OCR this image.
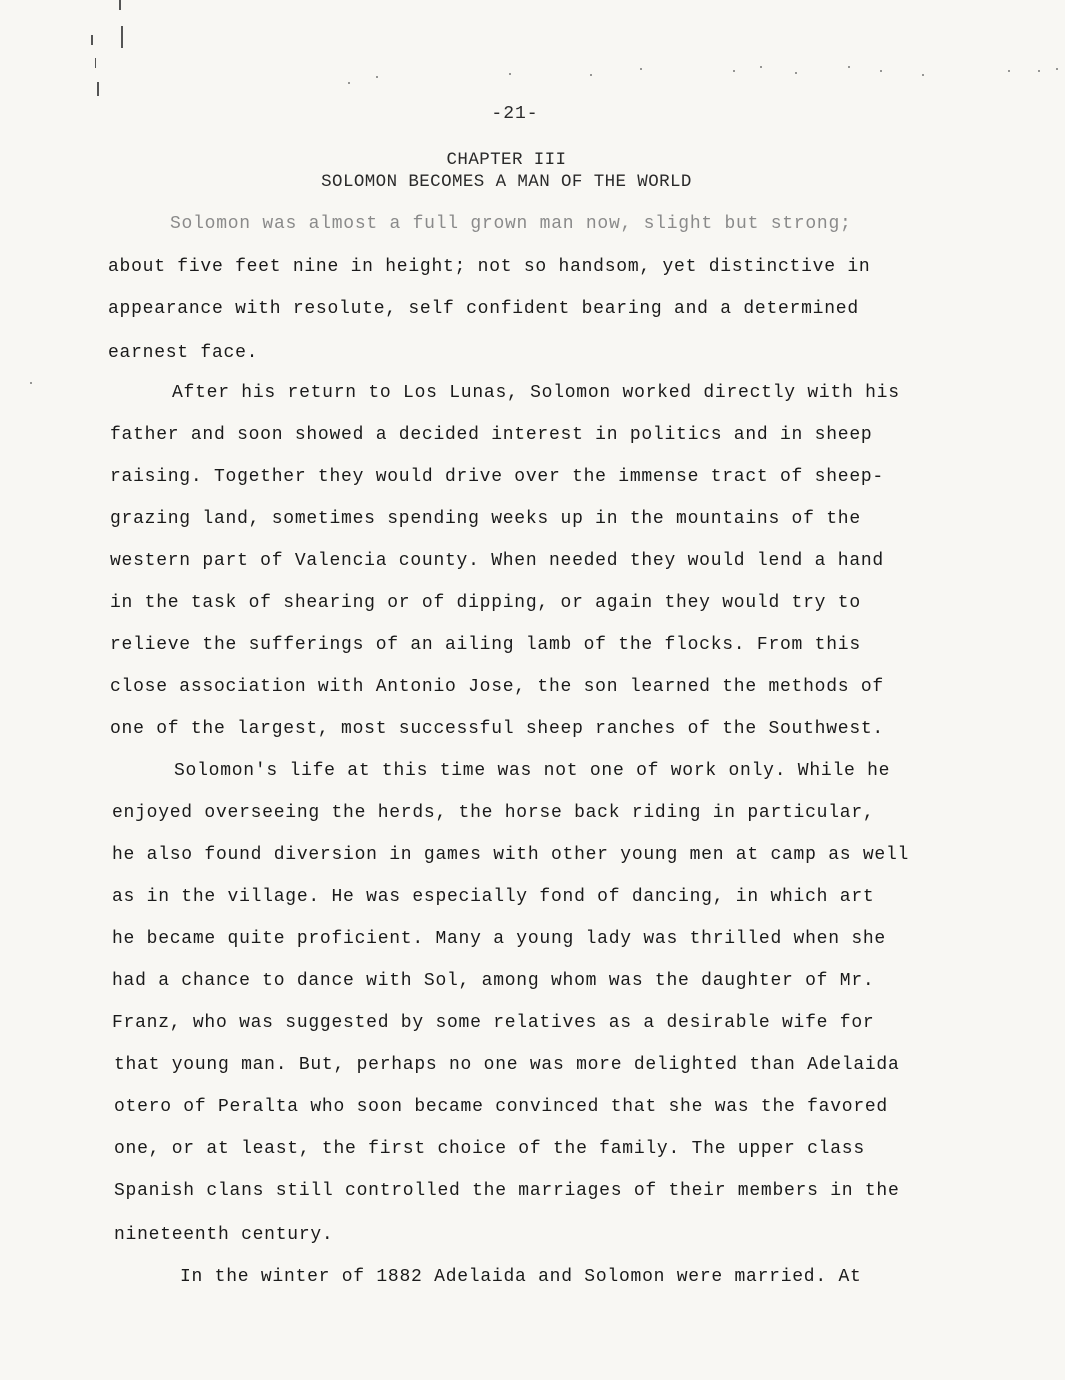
-21-
CHAPTER III
SOLOMON BECOMES A MAN OF THE WORLD
Solomon was almost a full grown man now, slight but strong;
about five feet nine in height; not so handsom, yet distinctive in
appearance with resolute, self confident bearing and a determined
earnest face.
After his return to Los Lunas, Solomon worked directly with his
father and soon showed a decided interest in politics and in sheep
raising. Together they would drive over the immense tract of sheep-
grazing land, sometimes spending weeks up in the mountains of the
western part of Valencia county. When needed they would lend a hand
in the task of shearing or of dipping, or again they would try to
relieve the sufferings of an ailing lamb of the flocks. From this
close association with Antonio Jose, the son learned the methods of
one of the largest, most successful sheep ranches of the Southwest.
Solomon's life at this time was not one of work only. While he
enjoyed overseeing the herds, the horse back riding in particular,
he also found diversion in games with other young men at camp as well
as in the village. He was especially fond of dancing, in which art
he became quite proficient. Many a young lady was thrilled when she
had a chance to dance with Sol, among whom was the daughter of Mr.
Franz, who was suggested by some relatives as a desirable wife for
that young man. But, perhaps no one was more delighted than Adelaida
otero of Peralta who soon became convinced that she was the favored
one, or at least, the first choice of the family. The upper class
Spanish clans still controlled the marriages of their members in the
nineteenth century.
In the winter of 1882 Adelaida and Solomon were married. At
